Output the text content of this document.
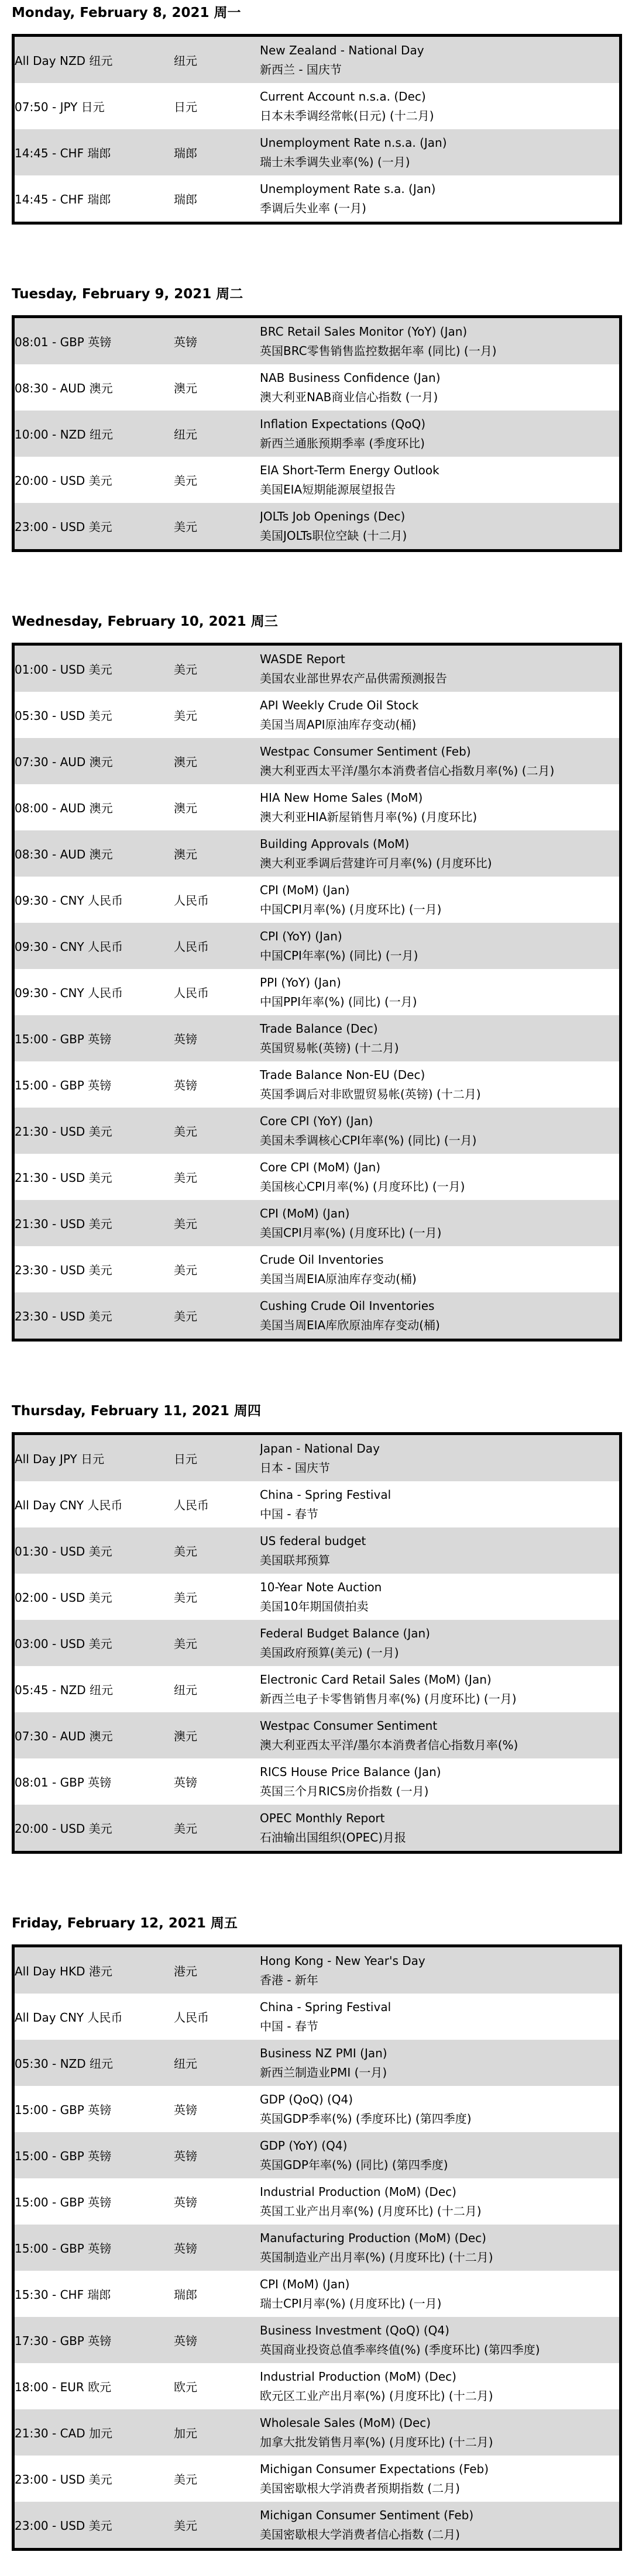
Monday, February 8, 2021 周一
All Day NZD 纽元	纽元	New Zealand - National Day
新西兰 - 国庆节

07:50 - JPY 日元	日元	Current Account n.s.a. (Dec)
日本未季调经常帐(日元) (十二月)

14:45 - CHF 瑞郎	瑞郎	Unemployment Rate n.s.a. (Jan)
瑞士未季调失业率(%) (一月)

14:45 - CHF 瑞郎	瑞郎	Unemployment Rate s.a. (Jan)
季调后失业率 (一月)
Tuesday, February 9, 2021 周二
08:01 - GBP 英镑	英镑	BRC Retail Sales Monitor (YoY) (Jan)
英国BRC零售销售监控数据年率 (同比) (一月)

08:30 - AUD 澳元	澳元	NAB Business Confidence (Jan)
澳大利亚NAB商业信心指数 (一月)

10:00 - NZD 纽元	纽元	Inflation Expectations (QoQ)
新西兰通胀预期季率 (季度环比)

20:00 - USD 美元	美元	EIA Short-Term Energy Outlook
美国EIA短期能源展望报告

23:00 - USD 美元	美元	JOLTs Job Openings (Dec)
美国JOLTs职位空缺 (十二月)
Wednesday, February 10, 2021 周三
01:00 - USD 美元	美元	WASDE Report
美国农业部世界农产品供需预测报告

05:30 - USD 美元	美元	API Weekly Crude Oil Stock
美国当周API原油库存变动(桶)

07:30 - AUD 澳元	澳元	Westpac Consumer Sentiment (Feb)
澳大利亚西太平洋/墨尔本消费者信心指数月率(%) (二月)

08:00 - AUD 澳元	澳元	HIA New Home Sales (MoM)
澳大利亚HIA新屋销售月率(%) (月度环比)

08:30 - AUD 澳元	澳元	Building Approvals (MoM)
澳大利亚季调后营建许可月率(%) (月度环比)

09:30 - CNY 人民币	人民币	CPI (MoM) (Jan)
中国CPI月率(%) (月度环比) (一月)

09:30 - CNY 人民币	人民币	CPI (YoY) (Jan)
中国CPI年率(%) (同比) (一月)

09:30 - CNY 人民币	人民币	PPI (YoY) (Jan)
中国PPI年率(%) (同比) (一月)

15:00 - GBP 英镑	英镑	Trade Balance (Dec)
英国贸易帐(英镑) (十二月)

15:00 - GBP 英镑	英镑	Trade Balance Non-EU (Dec)
英国季调后对非欧盟贸易帐(英镑) (十二月)

21:30 - USD 美元	美元	Core CPI (YoY) (Jan)
美国未季调核心CPI年率(%) (同比) (一月)

21:30 - USD 美元	美元	Core CPI (MoM) (Jan)
美国核心CPI月率(%) (月度环比) (一月)

21:30 - USD 美元	美元	CPI (MoM) (Jan)
美国CPI月率(%) (月度环比) (一月)

23:30 - USD 美元	美元	Crude Oil Inventories
美国当周EIA原油库存变动(桶)

23:30 - USD 美元	美元	Cushing Crude Oil Inventories
美国当周EIA库欣原油库存变动(桶)
Thursday, February 11, 2021 周四
All Day JPY 日元	日元	Japan - National Day
日本 - 国庆节

All Day CNY 人民币	人民币	China - Spring Festival
中国 - 春节

01:30 - USD 美元	美元	US federal budget
美国联邦预算

02:00 - USD 美元	美元	10-Year Note Auction
美国10年期国债拍卖

03:00 - USD 美元	美元	Federal Budget Balance (Jan)
美国政府预算(美元) (一月)

05:45 - NZD 纽元	纽元	Electronic Card Retail Sales (MoM) (Jan)
新西兰电子卡零售销售月率(%) (月度环比) (一月)

07:30 - AUD 澳元	澳元	Westpac Consumer Sentiment
澳大利亚西太平洋/墨尔本消费者信心指数月率(%)

08:01 - GBP 英镑	英镑	RICS House Price Balance (Jan)
英国三个月RICS房价指数 (一月)

20:00 - USD 美元	美元	OPEC Monthly Report
石油输出国组织(OPEC)月报
Friday, February 12, 2021 周五
All Day HKD 港元	港元	Hong Kong - New Year's Day
香港 - 新年

All Day CNY 人民币	人民币	China - Spring Festival
中国 - 春节

05:30 - NZD 纽元	纽元	Business NZ PMI (Jan)
新西兰制造业PMI (一月)

15:00 - GBP 英镑	英镑	GDP (QoQ) (Q4)
英国GDP季率(%) (季度环比) (第四季度)

15:00 - GBP 英镑	英镑	GDP (YoY) (Q4)
英国GDP年率(%) (同比) (第四季度)

15:00 - GBP 英镑	英镑	Industrial Production (MoM) (Dec)
英国工业产出月率(%) (月度环比) (十二月)

15:00 - GBP 英镑	英镑	Manufacturing Production (MoM) (Dec)
英国制造业产出月率(%) (月度环比) (十二月)

15:30 - CHF 瑞郎	瑞郎	CPI (MoM) (Jan)
瑞士CPI月率(%) (月度环比) (一月)

17:30 - GBP 英镑	英镑	Business Investment (QoQ) (Q4)
英国商业投资总值季率终值(%) (季度环比) (第四季度)

18:00 - EUR 欧元	欧元	Industrial Production (MoM) (Dec)
欧元区工业产出月率(%) (月度环比) (十二月)

21:30 - CAD 加元	加元	Wholesale Sales (MoM) (Dec)
加拿大批发销售月率(%) (月度环比) (十二月)

23:00 - USD 美元	美元	Michigan Consumer Expectations (Feb)
美国密歇根大学消费者预期指数 (二月)

23:00 - USD 美元	美元	Michigan Consumer Sentiment (Feb)
美国密歇根大学消费者信心指数 (二月)
